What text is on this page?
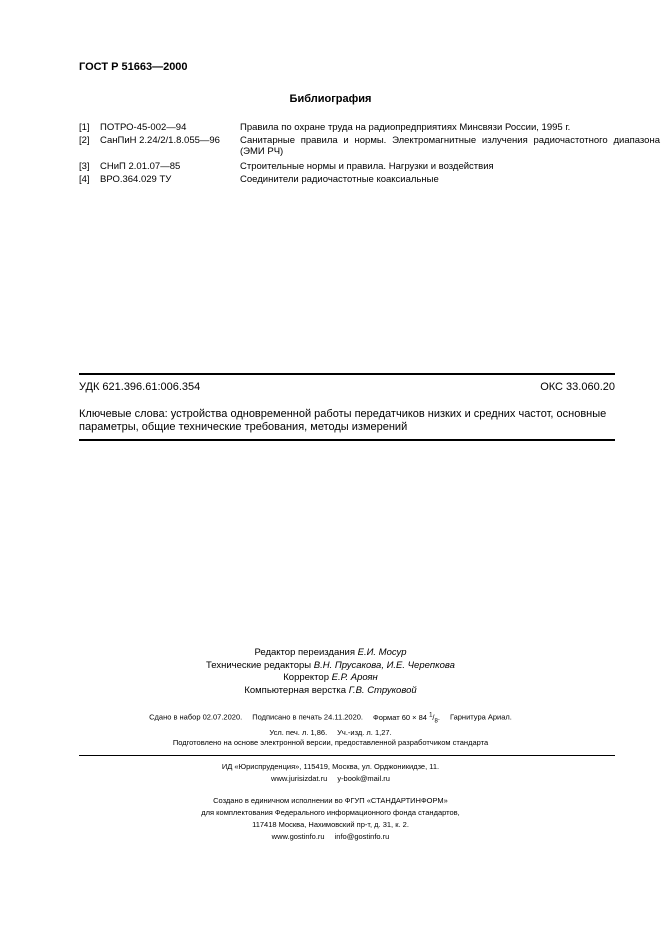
ГОСТ Р 51663—2000
Библиография
[1] ПОТРО-45-002—94	Правила по охране труда на радиопредприятиях Минсвязи России, 1995 г.
[2] СанПиН 2.24/2/1.8.055—96 Санитарные правила и нормы. Электромагнитные излучения радиочастотного диапазона (ЭМИ РЧ)
[3] СНиП 2.01.07—85	Строительные нормы и правила. Нагрузки и воздействия
[4] ВРО.364.029 ТУ	Соединители радиочастотные коаксиальные
УДК 621.396.61:006.354	ОКС 33.060.20
Ключевые слова: устройства одновременной работы передатчиков низких и средних частот, основные параметры, общие технические требования, методы измерений
Редактор переиздания Е.И. Мосур
Технические редакторы В.Н. Прусакова, И.Е. Черепкова
Корректор Е.Р. Ароян
Компьютерная верстка Г.В. Струковой
Сдано в набор 02.07.2020. Подписано в печать 24.11.2020. Формат 60 × 84 $^1/_8$. Гарнитура Ариал.
Усл. печ. л. 1,86. Уч.-изд. л. 1,27.
Подготовлено на основе электронной версии, предоставленной разработчиком стандарта
ИД «Юриспруденция», 115419, Москва, ул. Орджоникидзе, 11.
www.jurisizdat.ru y-book@mail.ru
Создано в единичном исполнении во ФГУП «СТАНДАРТИНФОРМ»
для комплектования Федерального информационного фонда стандартов,
117418 Москва, Нахимовский пр-т, д. 31, к. 2.
www.gostinfo.ru info@gostinfo.ru
